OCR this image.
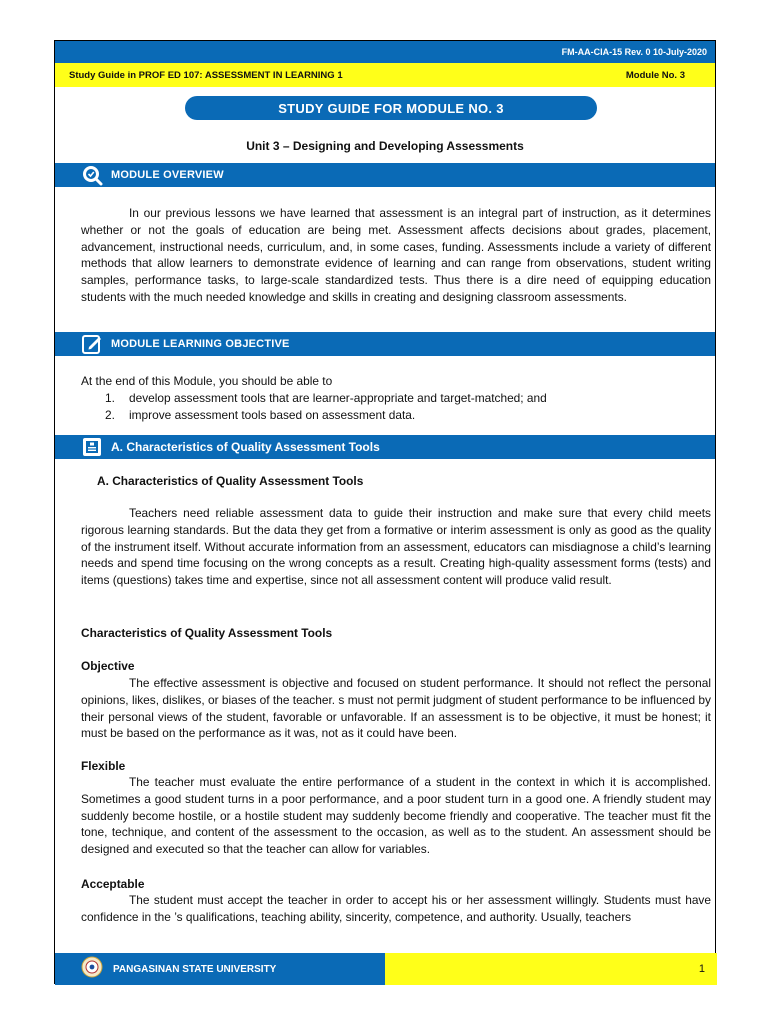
FM-AA-CIA-15 Rev. 0 10-July-2020
Study Guide in PROF ED 107: ASSESSMENT IN LEARNING 1	Module No. 3
STUDY GUIDE FOR MODULE NO. 3
Unit 3 – Designing and Developing Assessments
MODULE OVERVIEW

In our previous lessons we have learned that assessment is an integral part of instruction, as it determines whether or not the goals of education are being met. Assessment affects decisions about grades, placement, advancement, instructional needs, curriculum, and, in some cases, funding. Assessments include a variety of different methods that allow learners to demonstrate evidence of learning and can range from observations, student writing samples, performance tasks, to large-scale standardized tests. Thus there is a dire need of equipping education students with the much needed knowledge and skills in creating and designing classroom assessments.

MODULE LEARNING OBJECTIVE
At the end of this Module, you should be able to
1.	develop assessment tools that are learner-appropriate and target-matched; and
2.	improve assessment tools based on assessment data.
A. Characteristics of Quality Assessment Tools
A. Characteristics of Quality Assessment Tools

Teachers need reliable assessment data to guide their instruction and make sure that every child meets rigorous learning standards. But the data they get from a formative or interim assessment is only as good as the quality of the instrument itself. Without accurate information from an assessment, educators can misdiagnose a child’s learning needs and spend time focusing on the wrong concepts as a result. Creating high-quality assessment forms (tests) and items (questions) takes time and expertise, since not all assessment content will produce valid result.

Characteristics of Quality Assessment Tools
Objective

The effective assessment is objective and focused on student performance. It should not reflect the personal opinions, likes, dislikes, or biases of the teacher. s must not permit judgment of student performance to be influenced by their personal views of the student, favorable or unfavorable. If an assessment is to be objective, it must be honest; it must be based on the performance as it was, not as it could have been.

Flexible

The teacher must evaluate the entire performance of a student in the context in which it is accomplished. Sometimes a good student turns in a poor performance, and a poor student turn in a good one. A friendly student may suddenly become hostile, or a hostile student may suddenly become friendly and cooperative. The teacher must fit the tone, technique, and content of the assessment to the occasion, as well as to the student. An assessment should be designed and executed so that the teacher can allow for variables.

Acceptable

The student must accept the teacher in order to accept his or her assessment willingly. Students must have confidence in the ’s qualifications, teaching ability, sincerity, competence, and authority. Usually, teachers

PANGASINAN STATE UNIVERSITY	1
